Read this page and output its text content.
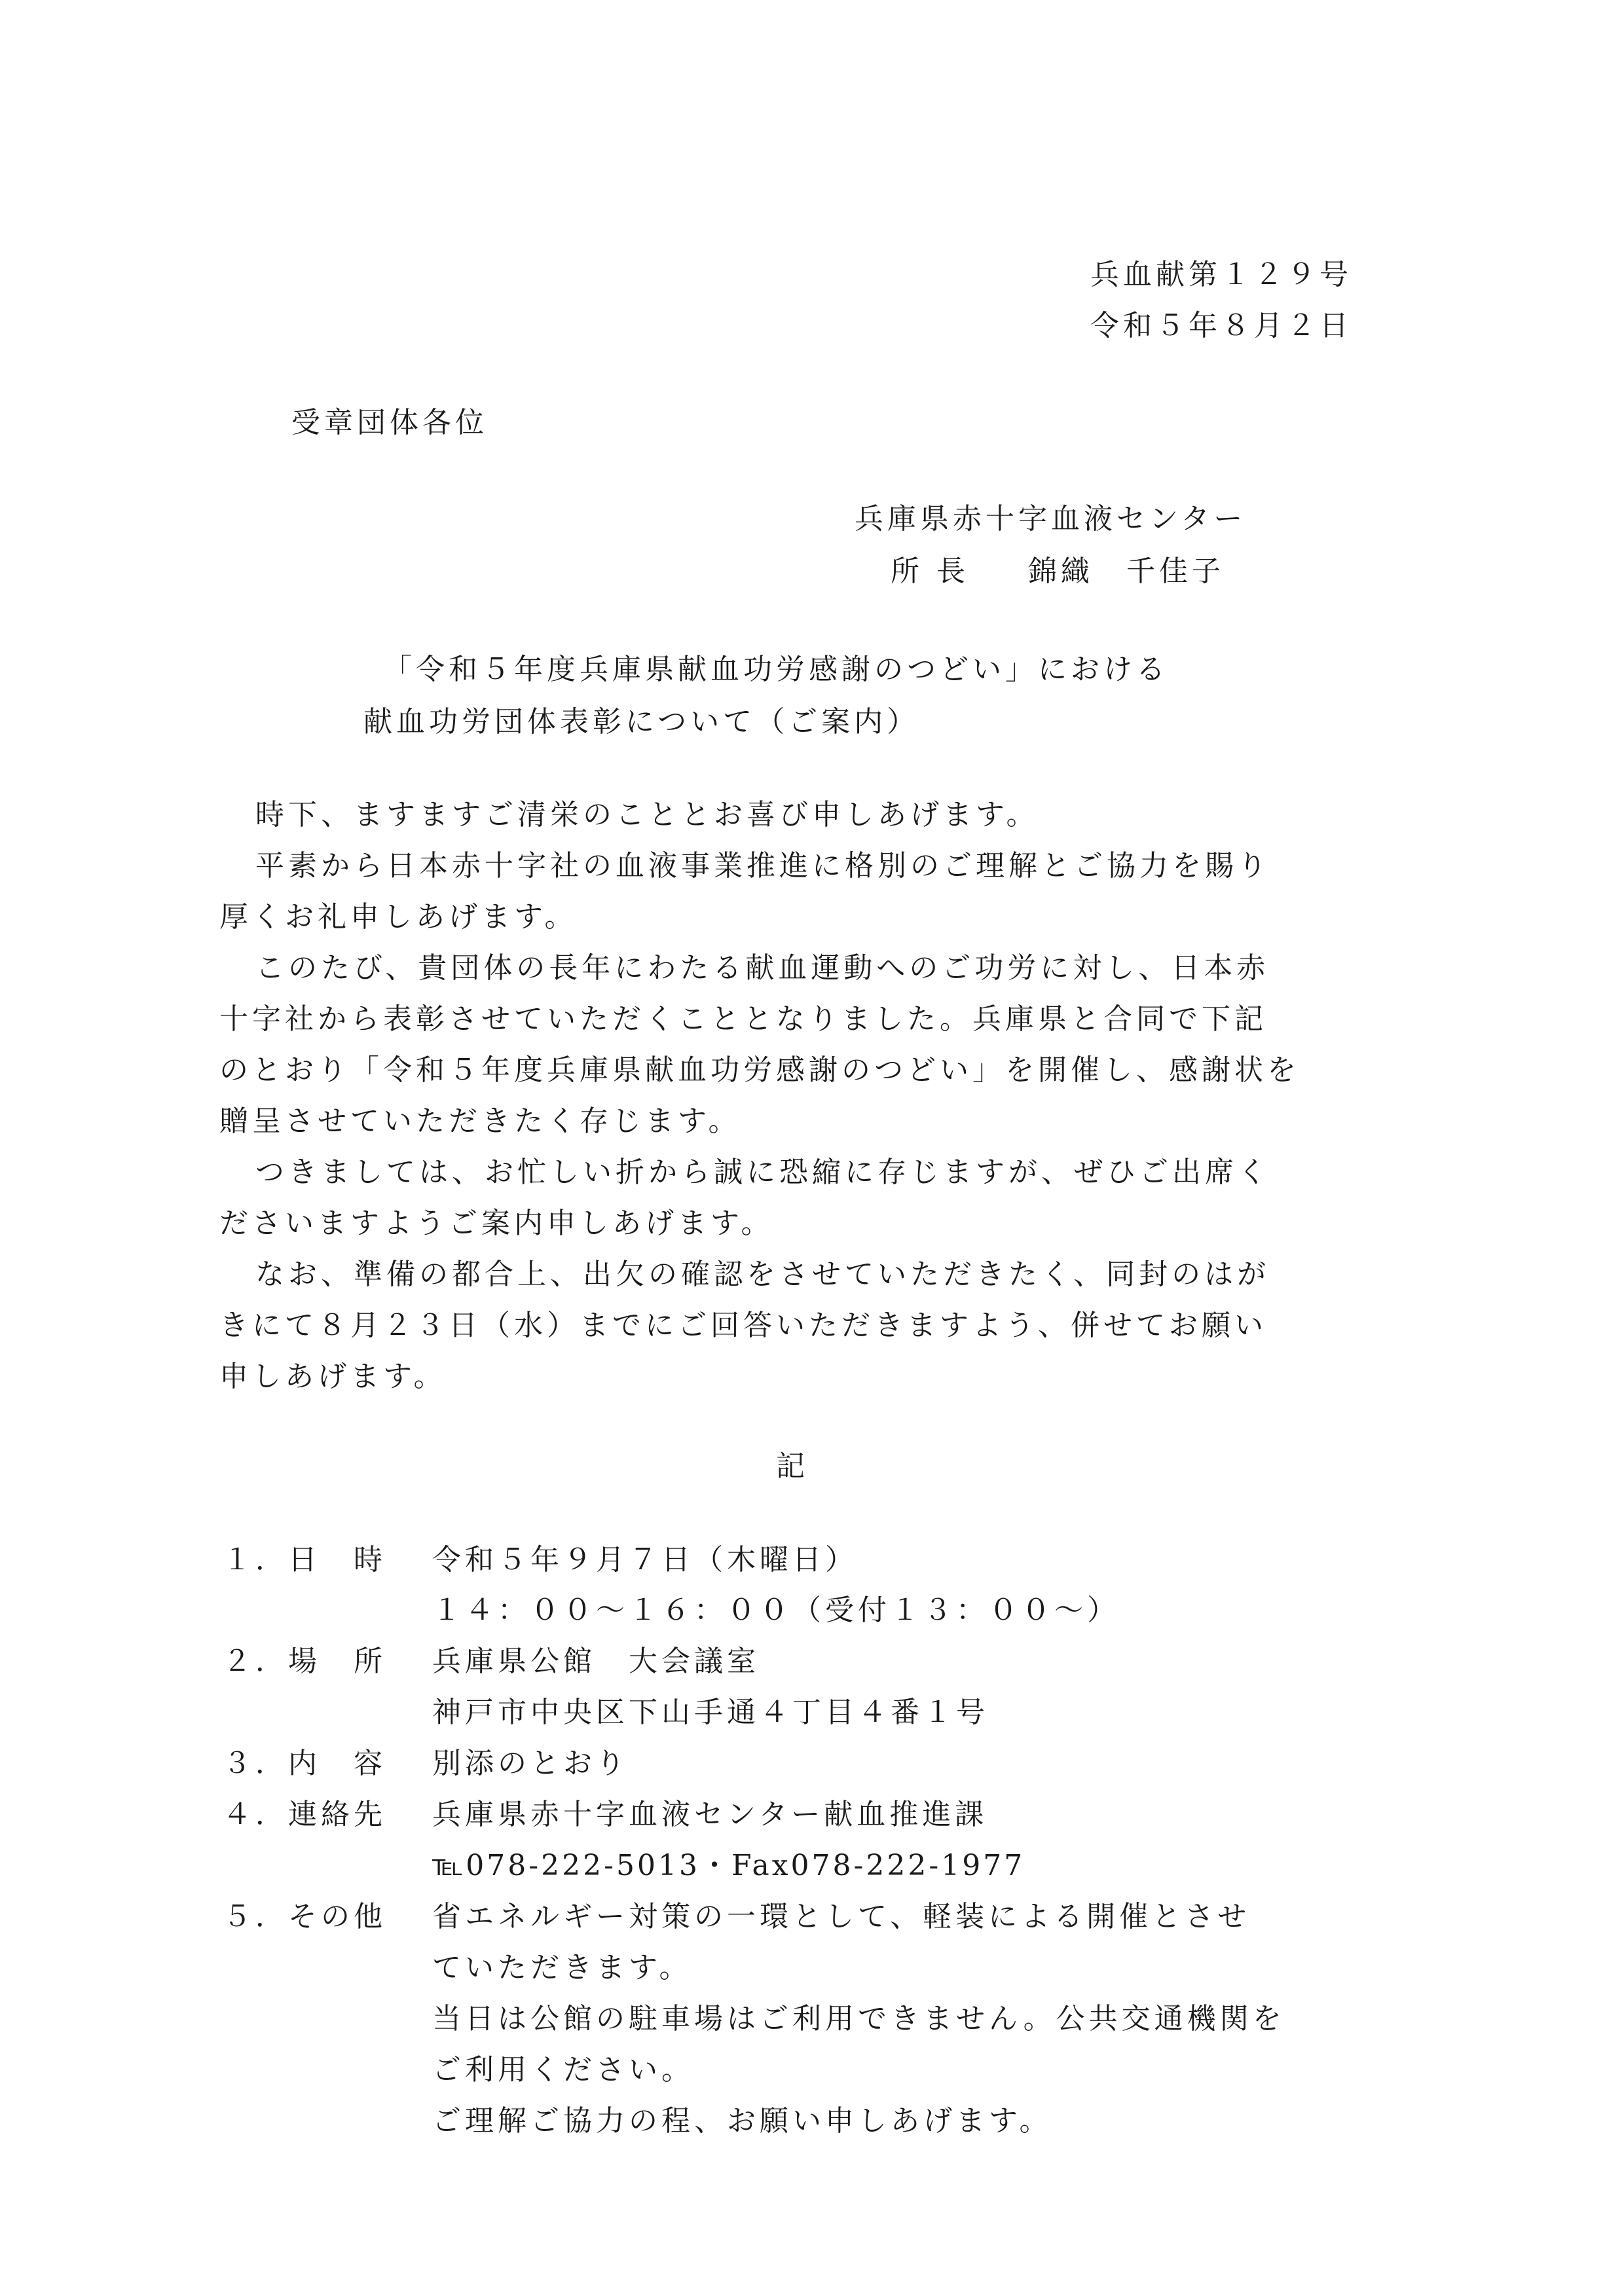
兵血献第１２９号
令和５年８月２日
受章団体各位
兵庫県赤十字血液センター
所 長 　 錦織　千佳子
「令和５年度兵庫県献血功労感謝のつどい」における
献血功労団体表彰について（ご案内）
時下、ますますご清栄のこととお喜び申しあげます。
平素から日本赤十字社の血液事業推進に格別のご理解とご協力を賜り
厚くお礼申しあげます。
このたび、貴団体の長年にわたる献血運動へのご功労に対し、日本赤
十字社から表彰させていただくこととなりました。兵庫県と合同で下記
のとおり「令和５年度兵庫県献血功労感謝のつどい」を開催し、感謝状を
贈呈させていただきたく存じます。
つきましては、お忙しい折から誠に恐縮に存じますが、ぜひご出席く
ださいますようご案内申しあげます。
なお、準備の都合上、出欠の確認をさせていただきたく、同封のはが
きにて８月２３日（水）までにご回答いただきますよう、併せてお願い
申しあげます。
記
１．日　時 令和５年９月７日（木曜日）
１４：００～１６：００（受付１３：００～）
２．場　所 兵庫県公館　大会議室
神戸市中央区下山手通４丁目４番１号
３．内　容 別添のとおり
４．連絡先 兵庫県赤十字血液センター献血推進課
℡078-222-5013・Fax078-222-1977
５．その他 省エネルギー対策の一環として、軽装による開催とさせ
ていただきます。
当日は公館の駐車場はご利用できません。公共交通機関を
ご利用ください。
ご理解ご協力の程、お願い申しあげます。
